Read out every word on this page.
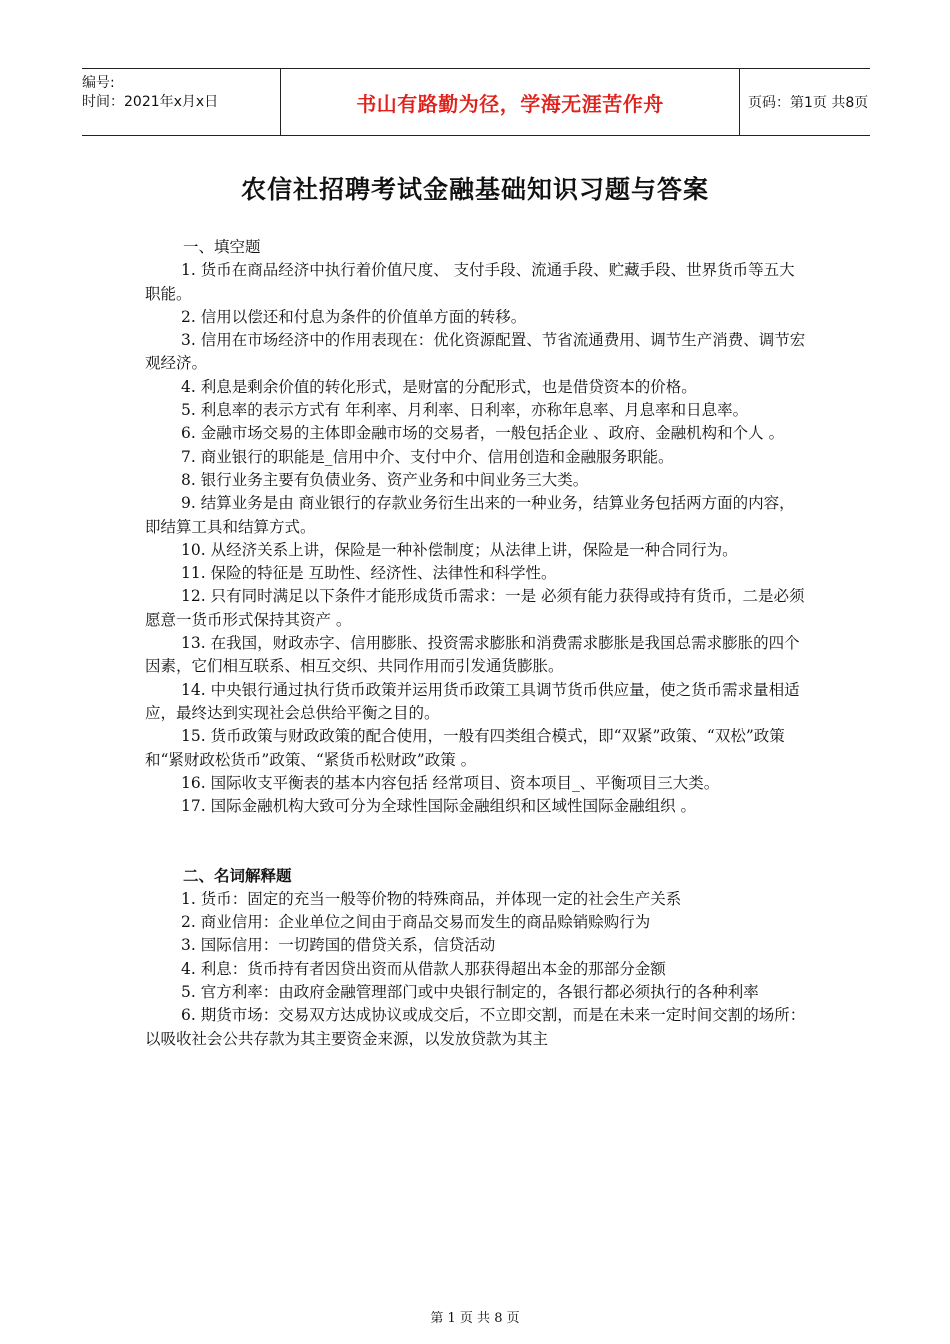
编号:
时间：2021年x月x日	书山有路勤为径，学海无涯苦作舟	页码：第1页 共8页
农信社招聘考试金融基础知识习题与答案

一、填空题

1. 货币在商品经济中执行着价值尺度、 支付手段、流通手段、贮藏手段、世界货币等五大职能。

2. 信用以偿还和付息为条件的价值单方面的转移。

3. 信用在市场经济中的作用表现在：优化资源配置、节省流通费用、调节生产消费、调节宏观经济。

4. 利息是剩余价值的转化形式，是财富的分配形式，也是借贷资本的价格。

5. 利息率的表示方式有 年利率、月利率、日利率，亦称年息率、月息率和日息率。

6. 金融市场交易的主体即金融市场的交易者，一般包括企业 、政府、金融机构和个人 。

7. 商业银行的职能是_信用中介、支付中介、信用创造和金融服务职能。

8. 银行业务主要有负债业务、资产业务和中间业务三大类。

9. 结算业务是由 商业银行的存款业务衍生出来的一种业务，结算业务包括两方面的内容，即结算工具和结算方式。

10. 从经济关系上讲，保险是一种补偿制度；从法律上讲，保险是一种合同行为。

11. 保险的特征是 互助性、经济性、法律性和科学性。

12. 只有同时满足以下条件才能形成货币需求：一是 必须有能力获得或持有货币，二是必须愿意一货币形式保持其资产 。

13. 在我国，财政赤字、信用膨胀、投资需求膨胀和消费需求膨胀是我国总需求膨胀的四个因素，它们相互联系、相互交织、共同作用而引发通货膨胀。

14. 中央银行通过执行货币政策并运用货币政策工具调节货币供应量，使之货币需求量相适应，最终达到实现社会总供给平衡之目的。

15. 货币政策与财政政策的配合使用，一般有四类组合模式，即“双紧”政策、“双松”政策和“紧财政松货币”政策、“紧货币松财政”政策 。

16. 国际收支平衡表的基本内容包括 经常项目、资本项目_、平衡项目三大类。

17. 国际金融机构大致可分为全球性国际金融组织和区域性国际金融组织 。

二、名词解释题

1. 货币：固定的充当一般等价物的特殊商品，并体现一定的社会生产关系

2. 商业信用：企业单位之间由于商品交易而发生的商品赊销赊购行为

3. 国际信用：一切跨国的借贷关系，信贷活动

4. 利息：货币持有者因贷出资而从借款人那获得超出本金的那部分金额

5. 官方利率：由政府金融管理部门或中央银行制定的，各银行都必须执行的各种利率

6. 期货市场：交易双方达成协议或成交后，不立即交割，而是在未来一定时间交割的场所：以吸收社会公共存款为其主要资金来源，以发放贷款为其主

第 1 页 共 8 页
